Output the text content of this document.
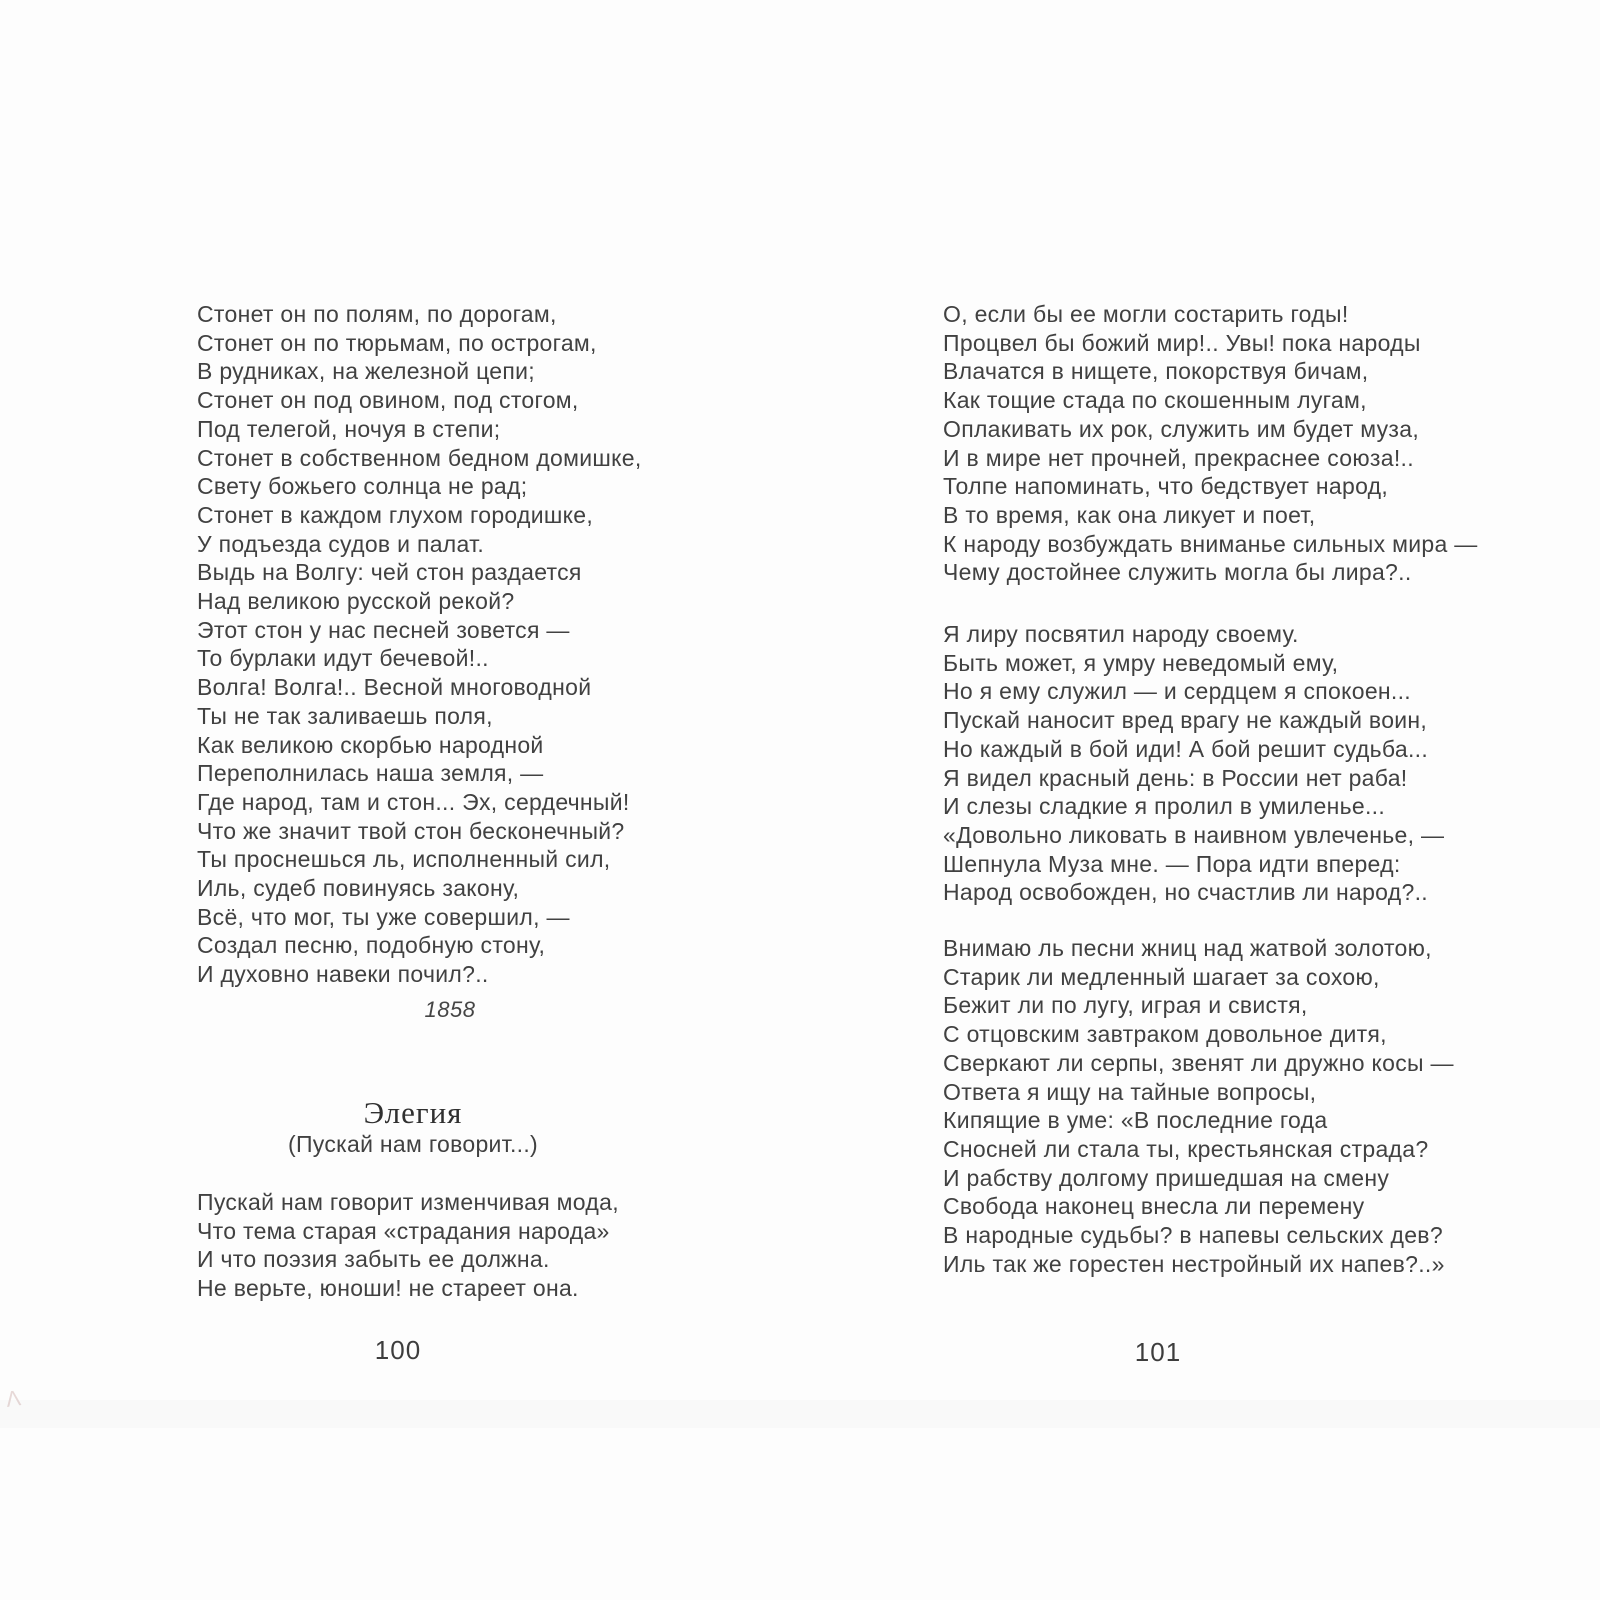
Стонет он по полям, по дорогам,
Стонет он по тюрьмам, по острогам,
В рудниках, на железной цепи;
Стонет он под овином, под стогом,
Под телегой, ночуя в степи;
Стонет в собственном бедном домишке,
Свету божьего солнца не рад;
Стонет в каждом глухом городишке,
У подъезда судов и палат.
Выдь на Волгу: чей стон раздается
Над великою русской рекой?
Этот стон у нас песней зовется —
То бурлаки идут бечевой!..
Волга! Волга!.. Весной многоводной
Ты не так заливаешь поля,
Как великою скорбью народной
Переполнилась наша земля, —
Где народ, там и стон... Эх, сердечный!
Что же значит твой стон бесконечный?
Ты проснешься ль, исполненный сил,
Иль, судеб повинуясь закону,
Всё, что мог, ты уже совершил, —
Создал песню, подобную стону,
И духовно навеки почил?..
1858
Элегия
(Пускай нам говорит...)
Пускай нам говорит изменчивая мода,
Что тема старая «страдания народа»
И что поэзия забыть ее должна.
Не верьте, юноши! не стареет она.
100
О, если бы ее могли состарить годы!
Процвел бы божий мир!.. Увы! пока народы
Влачатся в нищете, покорствуя бичам,
Как тощие стада по скошенным лугам,
Оплакивать их рок, служить им будет муза,
И в мире нет прочней, прекраснее союза!..
Толпе напоминать, что бедствует народ,
В то время, как она ликует и поет,
К народу возбуждать вниманье сильных мира —
Чему достойнее служить могла бы лира?..
Я лиру посвятил народу своему.
Быть может, я умру неведомый ему,
Но я ему служил — и сердцем я спокоен...
Пускай наносит вред врагу не каждый воин,
Но каждый в бой иди! А бой решит судьба...
Я видел красный день: в России нет раба!
И слезы сладкие я пролил в умиленье...
«Довольно ликовать в наивном увлеченье, —
Шепнула Муза мне. — Пора идти вперед:
Народ освобожден, но счастлив ли народ?..
Внимаю ль песни жниц над жатвой золотою,
Старик ли медленный шагает за сохою,
Бежит ли по лугу, играя и свистя,
С отцовским завтраком довольное дитя,
Сверкают ли серпы, звенят ли дружно косы —
Ответа я ищу на тайные вопросы,
Кипящие в уме: «В последние года
Сносней ли стала ты, крестьянская страда?
И рабству долгому пришедшая на смену
Свобода наконец внесла ли перемену
В народные судьбы? в напевы сельских дев?
Иль так же горестен нестройный их напев?..»
101
Λ
